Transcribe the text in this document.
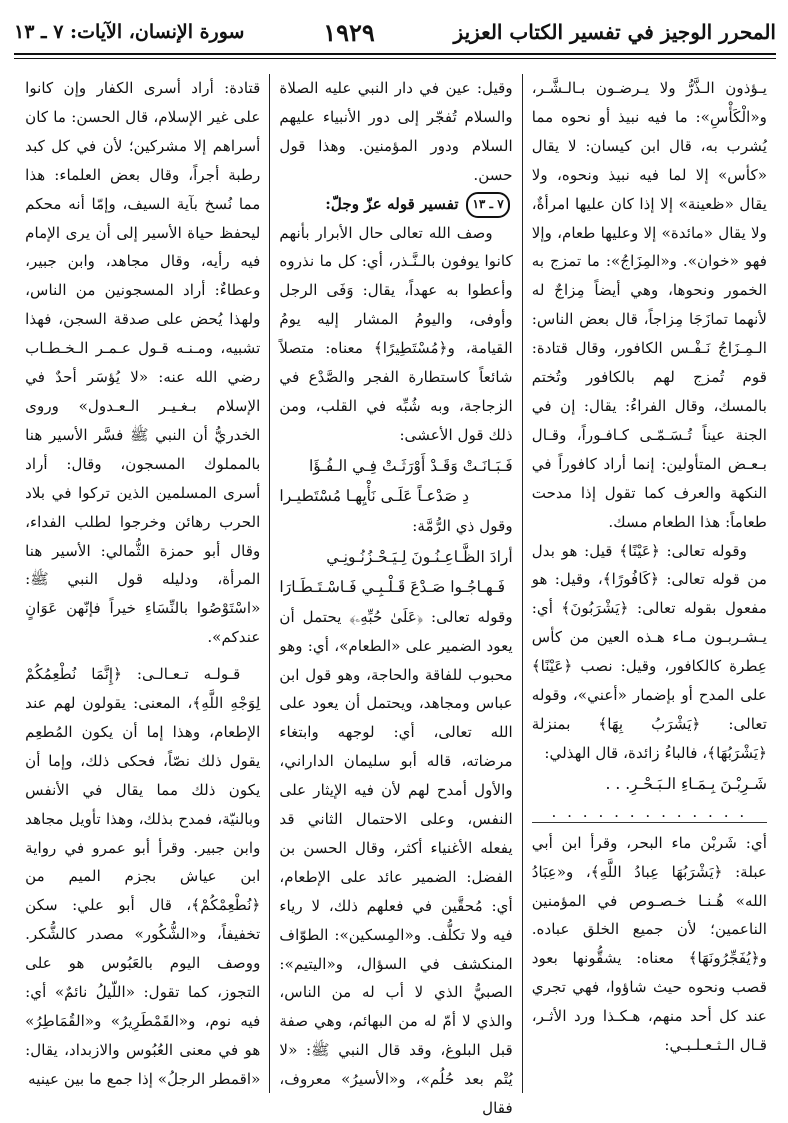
سورة الإنسان، الآيات: ٧ ـ ١٣	١٩٢٩	المحرر الوجيز في تفسير الكتاب العزيز

يـؤذون الـذَّرُّ ولا يـرضـون بـالـشَّـر، و«الْكَأْسِ»: ما فيه نبيذ أو نحوه مما يُشرب به، قال ابن كيسان: لا يقال «كأس» إلا لما فيه نبيذ ونحوه، ولا يقال «ظعينة» إلا إذا كان عليها امرأةٌ، ولا يقال «مائدة» إلا وعليها طعام، وإلا فهو «خوان». و«المِزَاجُ»: ما تمزج به الخمور ونحوها، وهي أيضاً مِزاجٌ له لأنهما تمازَجَا مِزاجاً، قال بعض الناس: الـمِـزَاجُ نَـفْـس الكافور، وقال قتادة: قوم تُمزج لهم بالكافور وتُختم بالمسك، وقال الفراءُ: يقال: إن في الجنة عيناً تُـسَـمّـى كـافـوراً، وقـال بـعـض المتأولين: إنما أراد كافوراً في النكهة والعرف كما تقول إذا مدحت طعاماً: هذا الطعام مسك.

وقوله تعالى: ﴿عَيْنًا﴾ قيل: هو بدل من قوله تعالى: ﴿كَافُورًا﴾، وقيل: هو مفعول بقوله تعالى: ﴿يَشْرَبُونَ﴾ أي: يـشـربـون مـاء هـذه العين من كأس عِطرة كالكافور، وقيل: نصب ﴿عَيْنًا﴾ على المدح أو بإضمار «أعني»، وقوله تعالى: ﴿يَشْرَبُ بِهَا﴾ بمنزلة ﴿يَشْرَبُهَا﴾، فالباءُ زائدة، قال الهذلي:

شَـرِبْـنَ بِـمَـاءِ الـبَـحْـرِ. . .
. . . . . . . . . . . . .

أي: شَربْن ماء البحر، وقرأ ابن أبي عبلة: ﴿يَشْرَبُهَا عِبادُ اللَّهِ﴾، و«عِبَادُ الله» هُـنـا خـصـوص في المؤمنين الناعمين؛ لأن جميع الخلق عباده. و﴿يُفَجِّرُونَهَا﴾ معناه: يشقُّونها بعود قصب ونحوه حيث شاؤوا، فهي تجري عند كل أحد منهم، هـكـذا ورد الأثـر، قـال الـثـعـلـبـي:

وقيل: عين في دار النبي عليه الصلاة والسلام تُفجّر إلى دور الأنبياء عليهم السلام ودور المؤمنين. وهذا قول حسن.

٧ ـ ١٣ تفسير قوله عزّ وجلّ:

وصف الله تعالى حال الأبرار بأنهم كانوا يوفون بالـنَّـذر، أي: كل ما نذروه وأعطوا به عهداً، يقال: وَفَى الرجل وأوفى، واليومُ المشار إليه يومُ القيامة، و﴿مُسْتَطِيرًا﴾ معناه: متصلاً شائعاً كاستطارة الفجر والصَّدْع في الزجاجة، وبه شُبِّه في القلب، ومن ذلك قول الأعشى:

فَـبَـانَـتْ وَقَـدْ أَوْرَثَـتْ فِـي الـفُـؤَا
دِ صَدْعـاً عَلَـى نَأْيِهـا مُسْتَطيـرا

وقول ذي الرُّمَّة:

أرادَ الظَّـاعِـنُـونَ لِـيَـحْـزُنُـونِـي
فَـهـاجُـوا صَـدْعَ قَـلْـبِـي فَـاسْـتَـطَـارَا

وقوله تعالى: ﴿عَلَىٰ حُبِّهِۦ﴾ يحتمل أن يعود الضمير على «الطعام»، أي: وهو محبوب للفاقة والحاجة، وهو قول ابن عباس ومجاهد، ويحتمل أن يعود على الله تعالى، أي: لوجهه وابتغاء مرضاته، قاله أبو سليمان الداراني، والأول أمدح لهم لأن فيه الإيثار على النفس، وعلى الاحتمال الثاني قد يفعله الأغنياء أكثر، وقال الحسن بن الفضل: الضمير عائد على الإطعام، أي: مُحقَّين في فعلهم ذلك، لا رياء فيه ولا تكلُّف. و«المِسكين»: الطوّاف المنكشف في السؤال، و«اليتيم»: الصبيُّ الذي لا أب له من الناس، والذي لا أمّ له من البهائم، وهي صفة قبل البلوغ، وقد قال النبي ﷺ: «لا يُتْم بعد حُلُم»، و«الأسيرُ» معروف، فقال

قتادة: أراد أسرى الكفار وإن كانوا على غير الإسلام، قال الحسن: ما كان أسراهم إلا مشركين؛ لأن في كل كبد رطبة أجراً، وقال بعض العلماء: هذا مما نُسخ بآية السيف، وإمّا أنه محكم ليحفظ حياة الأسير إلى أن يرى الإمام فيه رأيه، وقال مجاهد، وابن جبير، وعطاءٌ: أراد المسجونين من الناس، ولهذا يُحض على صدقة السجن، فهذا تشبيه، ومـنـه قـول عـمـر الـخـطـاب رضي الله عنه: «لا يُؤسَر أحدٌ في الإسلام بـغـيـر الـعـدول» وروى الخدريُّ أن النبي ﷺ فسَّر الأسير هنا بالمملوك المسجون، وقال: أراد أسرى المسلمين الذين تركوا في بلاد الحرب رهائن وخرجوا لطلب الفداء، وقال أبو حمزة الثُّمالي: الأسير هنا المرأة، ودليله قول النبي ﷺ: «اسْتَوْصُوا بالنِّسَاءِ خيراً فإنّهن عَوَانٍ عندكم».

قـولـه تـعـالـى: ﴿إِنَّمَا نُطْعِمُكُمْ لِوَجْهِ اللَّهِ﴾، المعنى: يقولون لهم عند الإطعام، وهذا إما أن يكون المُطعِم يقول ذلك نصّاً، فحكى ذلك، وإما أن يكون ذلك مما يقال في الأنفس وبالنيّة، فمدح بذلك، وهذا تأويل مجاهد وابن جبير. وقرأ أبو عمرو في رواية ابن عياش بجزم الميم من ﴿نُطْعِمْكُمْ﴾، قال أبو علي: سكن تخفيفاً، و«الشُّكُور» مصدر كالشُّكر. ووصف اليوم بالعَبُوس هو على التجوز، كما تقول: «اللّيلُ نائمٌ» أي: فيه نوم، و«القَمْطَرِيرُ» و«القُمَاطِرُ» هو في معنى العُبُوس والازبداد، يقال: «اقمطر الرجلُ» إذا جمع ما بين عينيه
